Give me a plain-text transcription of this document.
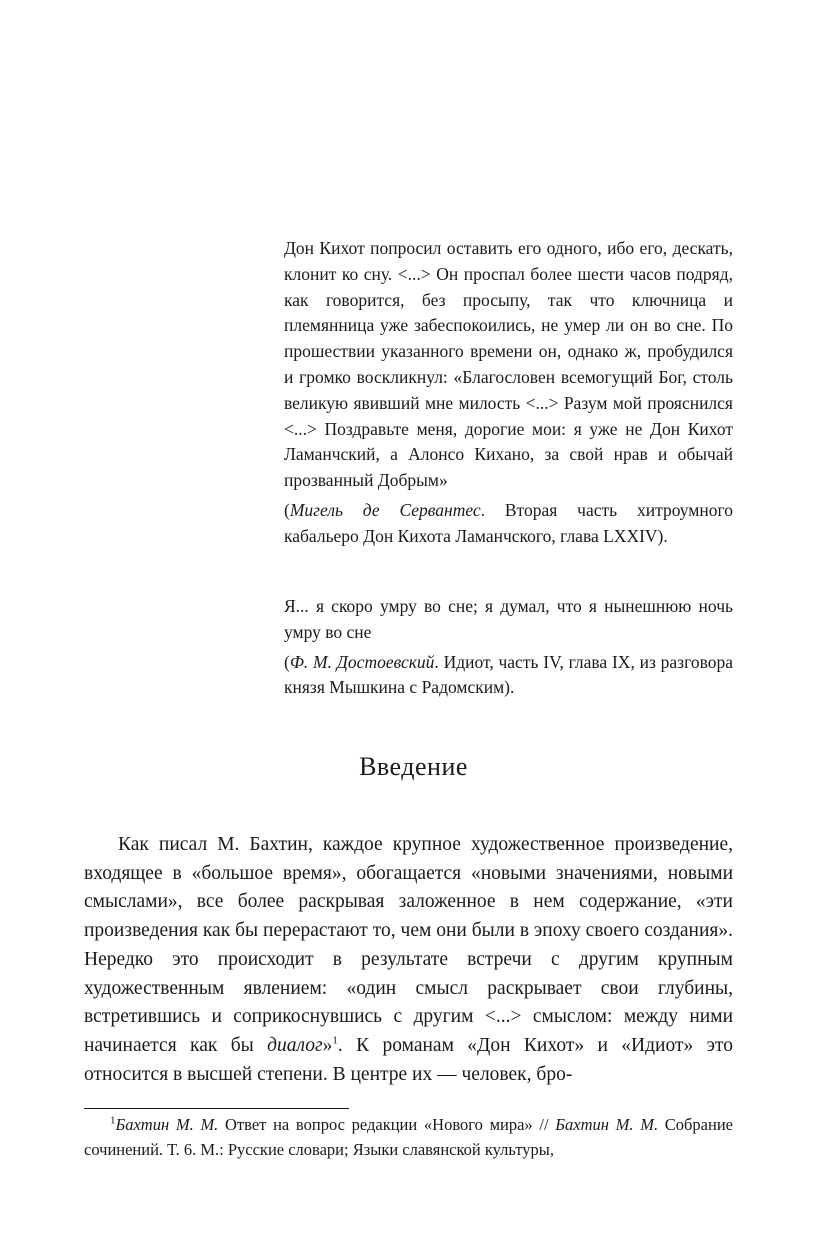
Дон Кихот попросил оставить его одного, ибо его, дескать, клонит ко сну. <...> Он проспал более шести часов подряд, как говорится, без просыпу, так что ключница и племянница уже забеспокоились, не умер ли он во сне. По прошествии указанного времени он, однако ж, пробудился и громко воскликнул: «Благословен всемогущий Бог, столь великую явивший мне милость <...> Разум мой прояснился <...> Поздравьте меня, дорогие мои: я уже не Дон Кихот Ламанчский, а Алонсо Кихано, за свой нрав и обычай прозванный Добрым»

(Мигель де Сервантес. Вторая часть хитроумного кабальеро Дон Кихота Ламанчского, глава LXXIV).

Я... я скоро умру во сне; я думал, что я нынешнюю ночь умру во сне

(Ф. М. Достоевский. Идиот, часть IV, глава IX, из разговора князя Мышкина с Радомским).

Введение

Как писал М. Бахтин, каждое крупное художественное произведение, входящее в «большое время», обогащается «новыми значениями, новыми смыслами», все более раскрывая заложенное в нем содержание, «эти произведения как бы перерастают то, чем они были в эпоху своего создания». Нередко это происходит в результате встречи с другим крупным художественным явлением: «один смысл раскрывает свои глубины, встретившись и соприкоснувшись с другим <...> смыслом: между ними начинается как бы диалог»$^1$. К романам «Дон Кихот» и «Идиот» это относится в высшей степени. В центре их — человек, бро-

$^1$Бахтин М. М. Ответ на вопрос редакции «Нового мира» // Бахтин М. М. Собрание сочинений. Т. 6. М.: Русские словари; Языки славянской культуры,
